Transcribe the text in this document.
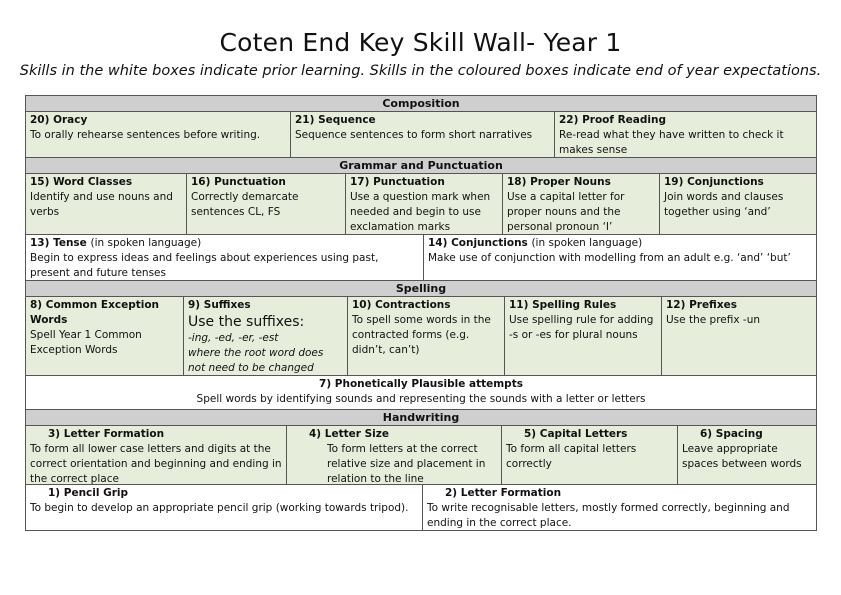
Coten End Key Skill Wall- Year 1
Skills in the white boxes indicate prior learning. Skills in the coloured boxes indicate end of year expectations.
Composition
20) Oracy
To orally rehearse sentences before writing.
21) Sequence
Sequence sentences to form short narratives
22) Proof Reading
Re-read what they have written to check it makes sense
Grammar and Punctuation
15) Word Classes
Identify and use nouns and verbs
16) Punctuation
Correctly demarcate sentences CL, FS
17) Punctuation
Use a question mark when needed and begin to use exclamation marks
18) Proper Nouns
Use a capital letter for proper nouns and the personal pronoun ‘I’
19) Conjunctions
Join words and clauses together using ‘and’
13) Tense (in spoken language)
Begin to express ideas and feelings about experiences using past, present and future tenses
14) Conjunctions (in spoken language)
Make use of conjunction with modelling from an adult e.g. ‘and’ ‘but’
Spelling
8) Common Exception Words
Spell Year 1 Common Exception Words
9) Suffixes
Use the suffixes:
-ing, -ed, -er, -est
where the root word does not need to be changed
10) Contractions
To spell some words in the contracted forms (e.g. didn’t, can’t)
11) Spelling Rules
Use spelling rule for adding -s or -es for plural nouns
12) Prefixes
Use the prefix -un
7) Phonetically Plausible attempts
Spell words by identifying sounds and representing the sounds with a letter or letters
Handwriting
3) Letter Formation
To form all lower case letters and digits at the correct orientation and beginning and ending in the correct place
4) Letter Size
To form letters at the correct relative size and placement in relation to the line
5) Capital Letters
To form all capital letters correctly
6) Spacing
Leave appropriate spaces between words
1) Pencil Grip
To begin to develop an appropriate pencil grip (working towards tripod).
2) Letter Formation
To write recognisable letters, mostly formed correctly, beginning and ending in the correct place.
